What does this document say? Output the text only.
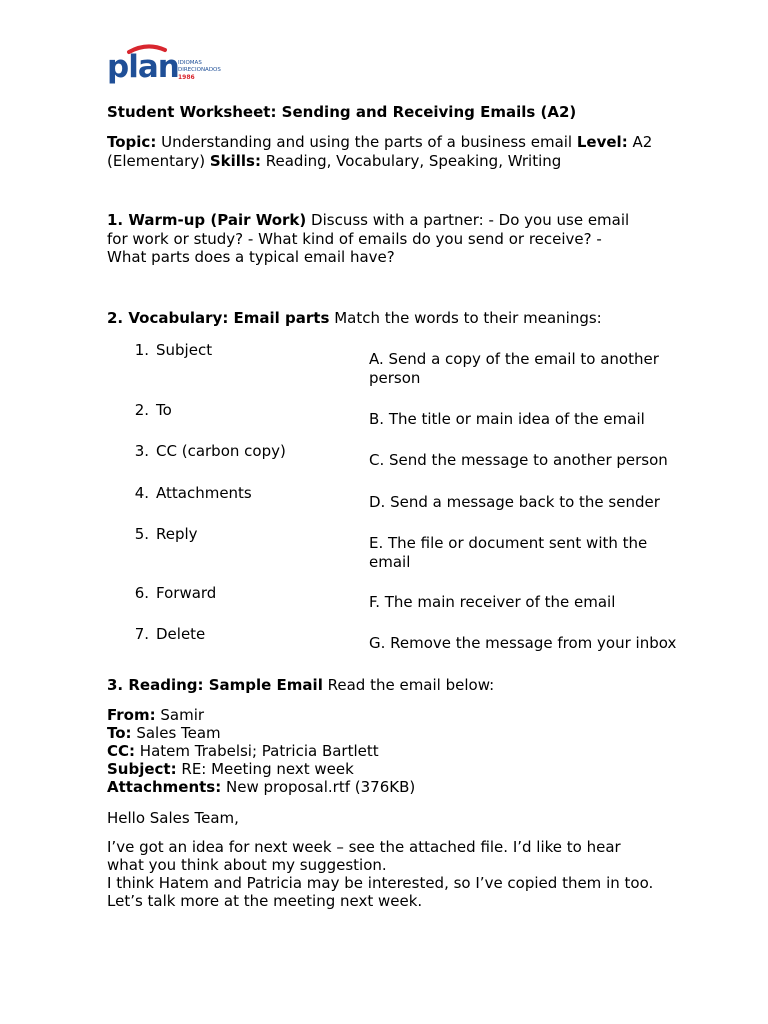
plan IDIOMAS
DIRECIONADOS
1986
Student Worksheet: Sending and Receiving Emails (A2)
Topic: Understanding and using the parts of a business email Level: A2 (Elementary) Skills: Reading, Vocabulary, Speaking, Writing
1. Warm-up (Pair Work) Discuss with a partner: - Do you use email for work or study? - What kind of emails do you send or receive? - What parts does a typical email have?
2. Vocabulary: Email parts Match the words to their meanings:
1. Subject
2. To
3. CC (carbon copy)
4. Attachments
5. Reply
6. Forward
7. Delete
A. Send a copy of the email to another person
B. The title or main idea of the email
C. Send the message to another person
D. Send a message back to the sender
E. The file or document sent with the email
F. The main receiver of the email
G. Remove the message from your inbox
3. Reading: Sample Email Read the email below:
From: Samir
To: Sales Team
CC: Hatem Trabelsi; Patricia Bartlett
Subject: RE: Meeting next week
Attachments: New proposal.rtf (376KB)
Hello Sales Team,
I’ve got an idea for next week – see the attached file. I’d like to hear
what you think about my suggestion.
I think Hatem and Patricia may be interested, so I’ve copied them in too.
Let’s talk more at the meeting next week.
